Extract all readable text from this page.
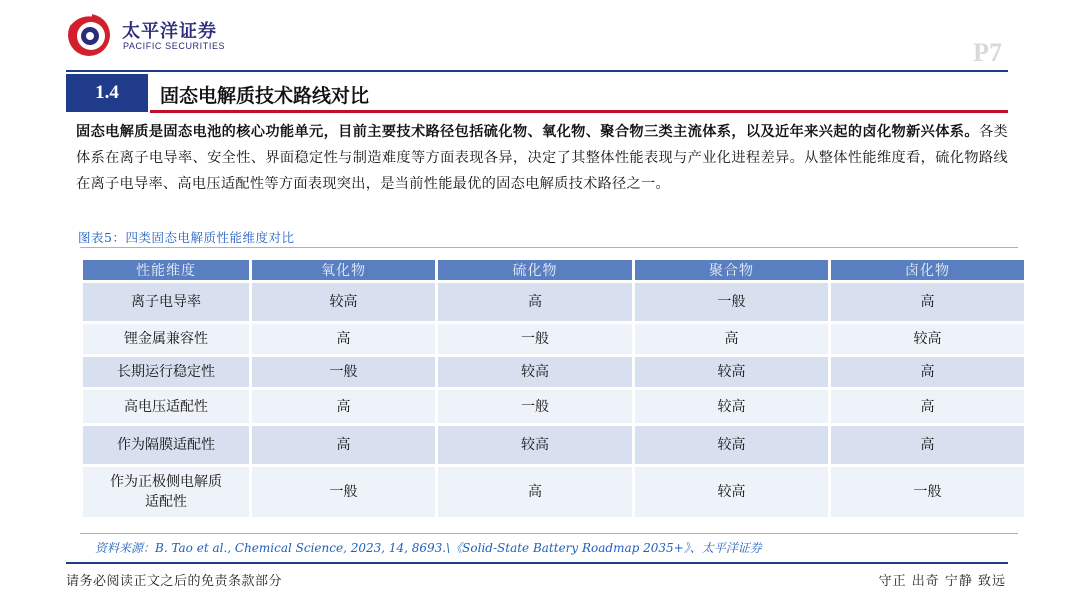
太平洋证券
PACIFIC SECURITIES	P7
1.4	固态电解质技术路线对比

固态电解质是固态电池的核心功能单元，目前主要技术路径包括硫化物、氧化物、聚合物三类主流体系，以及近年来兴起的卤化物新兴体系。各类体系在离子电导率、安全性、界面稳定性与制造难度等方面表现各异，决定了其整体性能表现与产业化进程差异。从整体性能维度看，硫化物路线在离子电导率、高电压适配性等方面表现突出，是当前性能最优的固态电解质技术路径之一。

图表5：四类固态电解质性能维度对比
性能维度	氧化物	硫化物	聚合物	卤化物
离子电导率	较高	高	一般	高
锂金属兼容性	高	一般	高	较高
长期运行稳定性	一般	较高	较高	高
高电压适配性	高	一般	较高	高
作为隔膜适配性	高	较高	较高	高
作为正极侧电解质适配性	一般	高	较高	一般
资料来源：B. Tao et al., Chemical Science, 2023, 14, 8693.\《Solid-State Battery Roadmap 2035+》、太平洋证券
请务必阅读正文之后的免责条款部分	守正 出奇 宁静 致远
